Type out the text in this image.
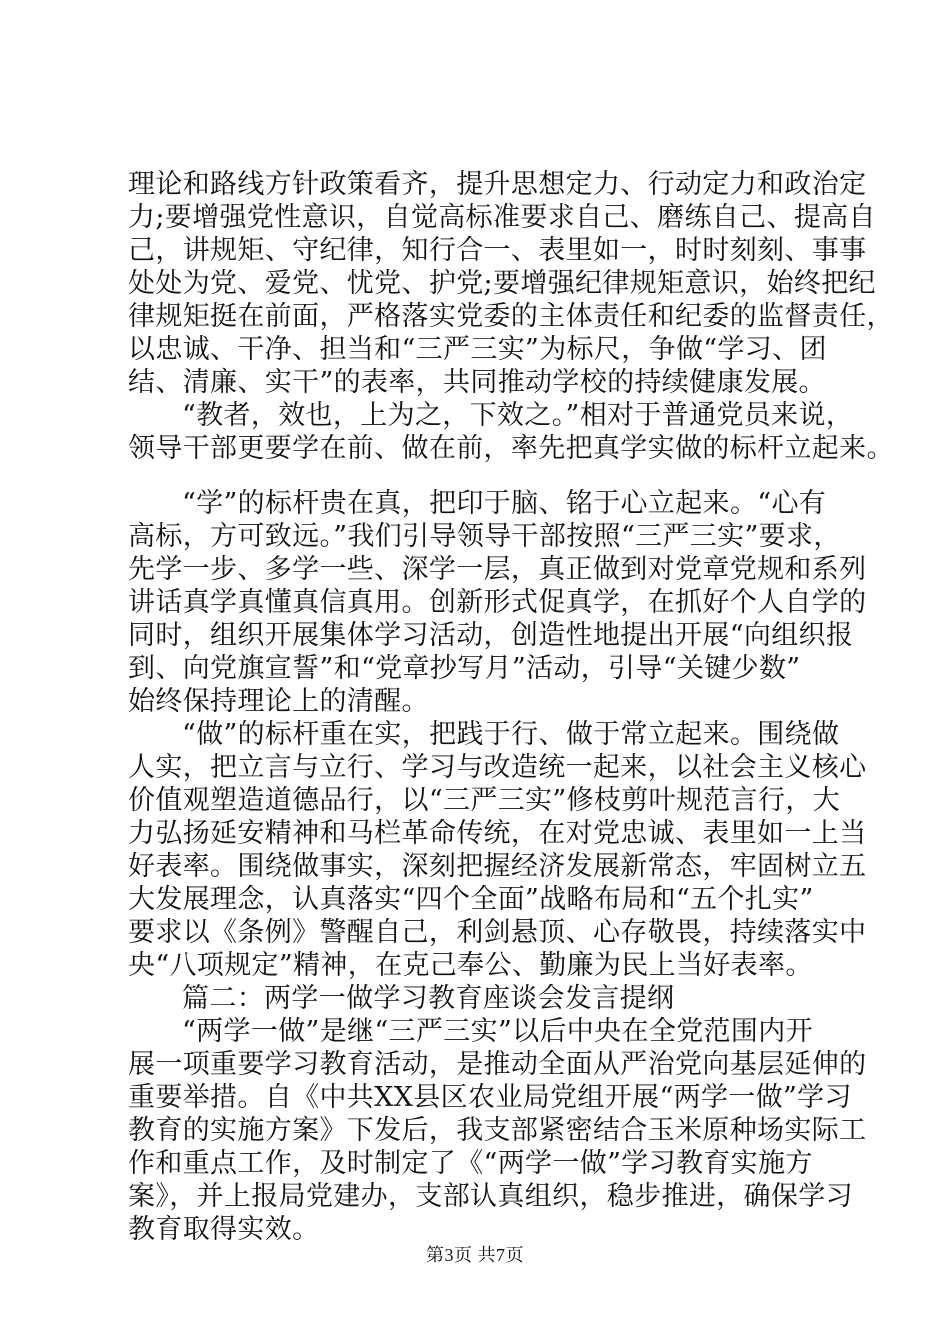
理论和路线方针政策看齐，提升思想定力、行动定力和政治定
力;要增强党性意识，自觉高标准要求自己、磨练自己、提高自
己，讲规矩、守纪律，知行合一、表里如一，时时刻刻、事事
处处为党、爱党、忧党、护党;要增强纪律规矩意识，始终把纪
律规矩挺在前面，严格落实党委的主体责任和纪委的监督责任，
以忠诚、干净、担当和“三严三实”为标尺，争做“学习、团
结、清廉、实干”的表率，共同推动学校的持续健康发展。
“教者，效也，上为之，下效之。”相对于普通党员来说，
领导干部更要学在前、做在前，率先把真学实做的标杆立起来。
“学”的标杆贵在真，把印于脑、铭于心立起来。“心有
高标，方可致远。”我们引导领导干部按照“三严三实”要求，
先学一步、多学一些、深学一层，真正做到对党章党规和系列
讲话真学真懂真信真用。创新形式促真学，在抓好个人自学的
同时，组织开展集体学习活动，创造性地提出开展“向组织报
到、向党旗宣誓”和“党章抄写月”活动，引导“关键少数”
始终保持理论上的清醒。
“做”的标杆重在实，把践于行、做于常立起来。围绕做
人实，把立言与立行、学习与改造统一起来，以社会主义核心
价值观塑造道德品行，以“三严三实”修枝剪叶规范言行，大
力弘扬延安精神和马栏革命传统，在对党忠诚、表里如一上当
好表率。围绕做事实，深刻把握经济发展新常态，牢固树立五
大发展理念，认真落实“四个全面”战略布局和“五个扎实”
要求以《条例》警醒自己，利剑悬顶、心存敬畏，持续落实中
央“八项规定”精神，在克己奉公、勤廉为民上当好表率。
篇二：两学一做学习教育座谈会发言提纲
“两学一做”是继“三严三实”以后中央在全党范围内开
展一项重要学习教育活动，是推动全面从严治党向基层延伸的
重要举措。自《中共XX县区农业局党组开展“两学一做”学习
教育的实施方案》下发后，我支部紧密结合玉米原种场实际工
作和重点工作，及时制定了《“两学一做”学习教育实施方
案》，并上报局党建办，支部认真组织，稳步推进，确保学习
教育取得实效。
第3页 共7页
